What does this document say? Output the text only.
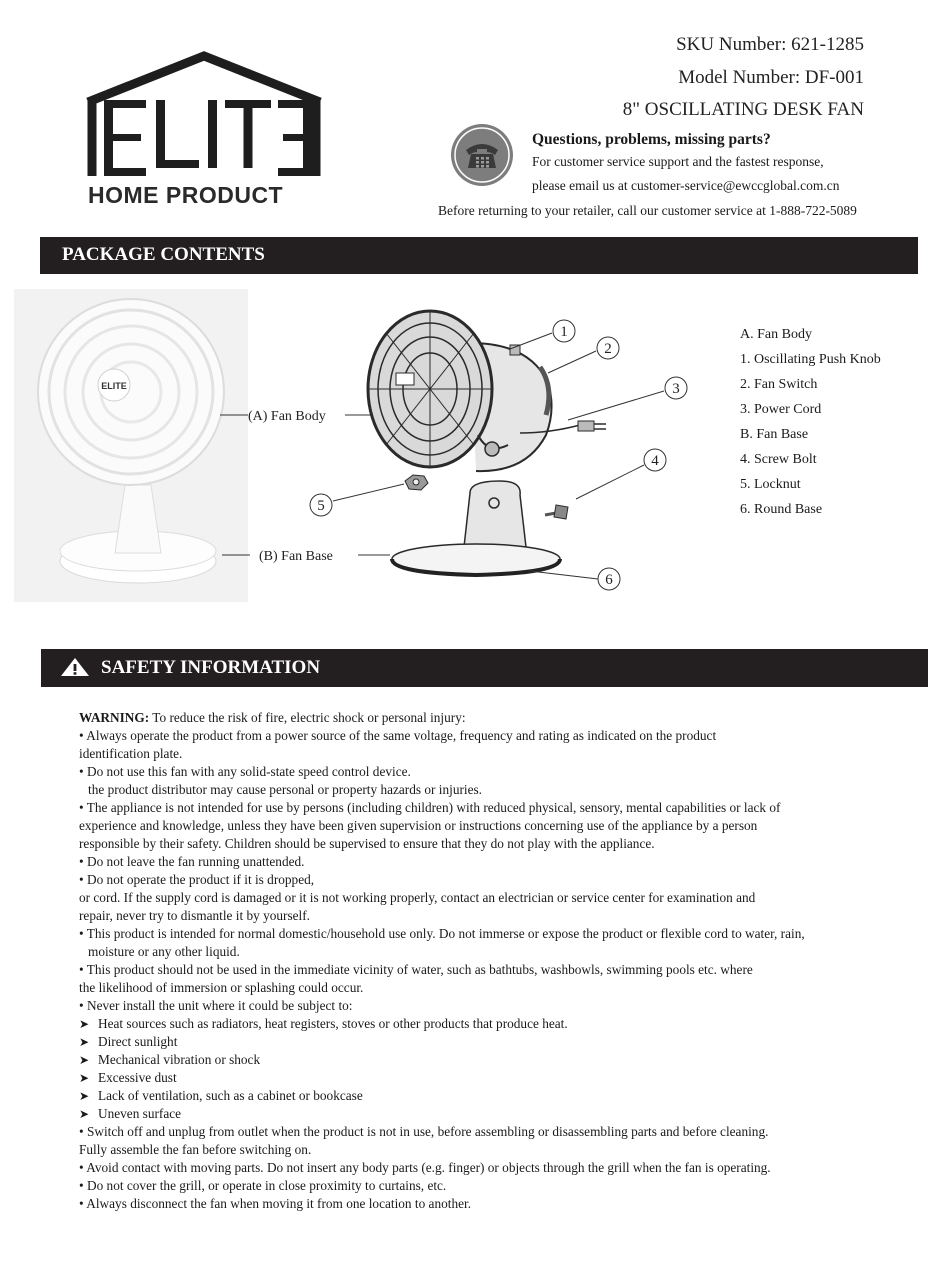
HOME PRODUCT
SKU Number: 621-1285
Model Number: DF-001
8" OSCILLATING DESK FAN
Questions, problems, missing parts?
For customer service support and the fastest response,
please email us at customer-service@ewccglobal.com.cn
Before returning to your retailer, call our customer service at 1-888-722-5089
PACKAGE CONTENTS
ELITE
(A) Fan Body
(B) Fan Base
1
2
3
4
5
6
A. Fan Body
1. Oscillating Push Knob
2. Fan Switch
3. Power Cord
B. Fan Base
4. Screw Bolt
5. Locknut
6. Round Base
SAFETY INFORMATION
WARNING: To reduce the risk of fire, electric shock or personal injury:
• Always operate the product from a power source of the same voltage, frequency and rating as indicated on the product
identification plate.
• Do not use this fan with any solid-state speed control device.
the product distributor may cause personal or property hazards or injuries.
• The appliance is not intended for use by persons (including children) with reduced physical, sensory, mental capabilities or lack of
experience and knowledge, unless they have been given supervision or instructions concerning use of the appliance by a person
responsible by their safety. Children should be supervised to ensure that they do not play with the appliance.
• Do not leave the fan running unattended.
• Do not operate the product if it is dropped,
or cord. If the supply cord is damaged or it is not working properly, contact an electrician or service center for examination and
repair, never try to dismantle it by yourself.
• This product is intended for normal domestic/household use only. Do not immerse or expose the product or flexible cord to water, rain,
moisture or any other liquid.
• This product should not be used in the immediate vicinity of water, such as bathtubs, washbowls, swimming pools etc. where
the likelihood of immersion or splashing could occur.
• Never install the unit where it could be subject to:
➤ Heat sources such as radiators, heat registers, stoves or other products that produce heat.
➤ Direct sunlight
➤ Mechanical vibration or shock
➤ Excessive dust
➤ Lack of ventilation, such as a cabinet or bookcase
➤ Uneven surface
• Switch off and unplug from outlet when the product is not in use, before assembling or disassembling parts and before cleaning.
Fully assemble the fan before switching on.
• Avoid contact with moving parts. Do not insert any body parts (e.g. finger) or objects through the grill when the fan is operating.
• Do not cover the grill, or operate in close proximity to curtains, etc.
• Always disconnect the fan when moving it from one location to another.
